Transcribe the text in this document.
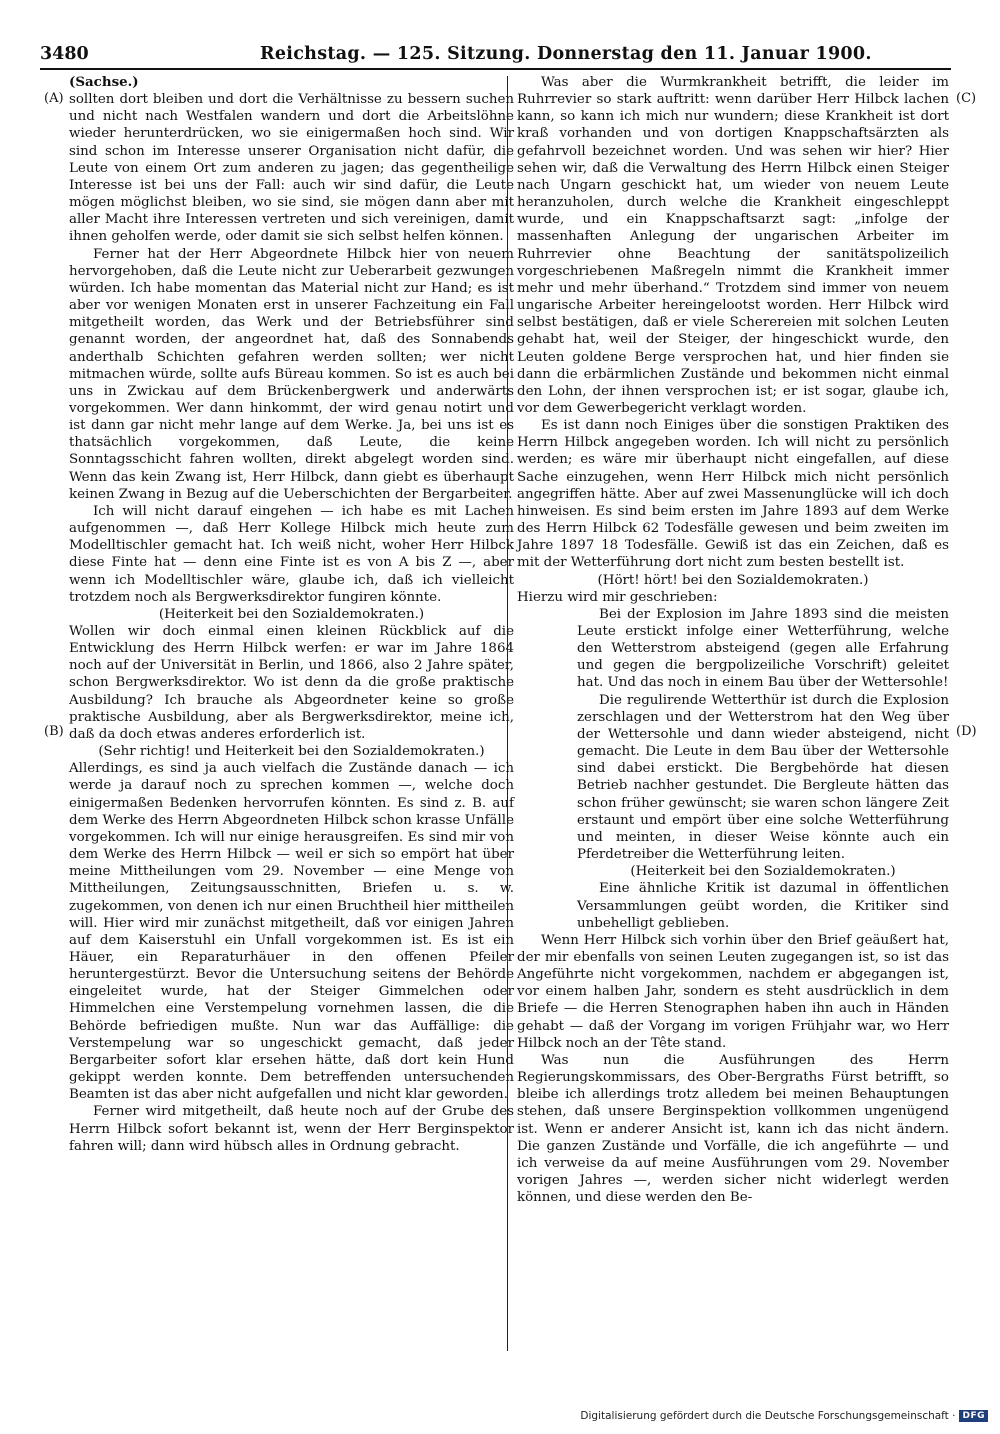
3480	Reichstag. — 125. Sitzung. Donnerstag den 11. Januar 1900.
(A)
(B)
(C)
(D)

(Sachse.)

sollten dort bleiben und dort die Verhältnisse zu bessern suchen und nicht nach Westfalen wandern und dort die Arbeitslöhne wieder herunterdrücken, wo sie einigermaßen hoch sind. Wir sind schon im Interesse unserer Organisation nicht dafür, die Leute von einem Ort zum anderen zu jagen; das gegentheilige Interesse ist bei uns der Fall: auch wir sind dafür, die Leute mögen möglichst bleiben, wo sie sind, sie mögen dann aber mit aller Macht ihre Interessen vertreten und sich vereinigen, damit ihnen geholfen werde, oder damit sie sich selbst helfen können.

Ferner hat der Herr Abgeordnete Hilbck hier von neuem hervorgehoben, daß die Leute nicht zur Ueberarbeit gezwungen würden. Ich habe momentan das Material nicht zur Hand; es ist aber vor wenigen Monaten erst in unserer Fachzeitung ein Fall mitgetheilt worden, das Werk und der Betriebsführer sind genannt worden, der angeordnet hat, daß des Sonnabends anderthalb Schichten gefahren werden sollten; wer nicht mitmachen würde, sollte aufs Büreau kommen. So ist es auch bei uns in Zwickau auf dem Brückenbergwerk und anderwärts vorgekommen. Wer dann hinkommt, der wird genau notirt und ist dann gar nicht mehr lange auf dem Werke. Ja, bei uns ist es thatsächlich vorgekommen, daß Leute, die keine Sonntagsschicht fahren wollten, direkt abgelegt worden sind. Wenn das kein Zwang ist, Herr Hilbck, dann giebt es überhaupt keinen Zwang in Bezug auf die Ueberschichten der Bergarbeiter.

Ich will nicht darauf eingehen — ich habe es mit Lachen aufgenommen —, daß Herr Kollege Hilbck mich heute zum Modelltischler gemacht hat. Ich weiß nicht, woher Herr Hilbck diese Finte hat — denn eine Finte ist es von A bis Z —, aber wenn ich Modelltischler wäre, glaube ich, daß ich vielleicht trotzdem noch als Bergwerksdirektor fungiren könnte.

(Heiterkeit bei den Sozialdemokraten.)

Wollen wir doch einmal einen kleinen Rückblick auf die Entwicklung des Herrn Hilbck werfen: er war im Jahre 1864 noch auf der Universität in Berlin, und 1866, also 2 Jahre später, schon Bergwerksdirektor. Wo ist denn da die große praktische Ausbildung? Ich brauche als Abgeordneter keine so große praktische Ausbildung, aber als Bergwerksdirektor, meine ich, daß da doch etwas anderes erforderlich ist.

(Sehr richtig! und Heiterkeit bei den Sozialdemokraten.)

Allerdings, es sind ja auch vielfach die Zustände danach — ich werde ja darauf noch zu sprechen kommen —, welche doch einigermaßen Bedenken hervorrufen könnten. Es sind z. B. auf dem Werke des Herrn Abgeordneten Hilbck schon krasse Unfälle vorgekommen. Ich will nur einige herausgreifen. Es sind mir von dem Werke des Herrn Hilbck — weil er sich so empört hat über meine Mittheilungen vom 29. November — eine Menge von Mittheilungen, Zeitungsausschnitten, Briefen u. s. w. zugekommen, von denen ich nur einen Bruchtheil hier mittheilen will. Hier wird mir zunächst mitgetheilt, daß vor einigen Jahren auf dem Kaiserstuhl ein Unfall vorgekommen ist. Es ist ein Häuer, ein Reparaturhäuer in den offenen Pfeiler heruntergestürzt. Bevor die Untersuchung seitens der Behörde eingeleitet wurde, hat der Steiger Gimmelchen oder Himmelchen eine Verstempelung vornehmen lassen, die die Behörde befriedigen mußte. Nun war das Auffällige: die Verstempelung war so ungeschickt gemacht, daß jeder Bergarbeiter sofort klar ersehen hätte, daß dort kein Hund gekippt werden konnte. Dem betreffenden untersuchenden Beamten ist das aber nicht aufgefallen und nicht klar geworden.

Ferner wird mitgetheilt, daß heute noch auf der Grube des Herrn Hilbck sofort bekannt ist, wenn der Herr Berginspektor fahren will; dann wird hübsch alles in Ordnung gebracht.

Was aber die Wurmkrankheit betrifft, die leider im Ruhrrevier so stark auftritt: wenn darüber Herr Hilbck lachen kann, so kann ich mich nur wundern; diese Krankheit ist dort kraß vorhanden und von dortigen Knappschaftsärzten als gefahrvoll bezeichnet worden. Und was sehen wir hier? Hier sehen wir, daß die Verwaltung des Herrn Hilbck einen Steiger nach Ungarn geschickt hat, um wieder von neuem Leute heranzuholen, durch welche die Krankheit eingeschleppt wurde, und ein Knappschaftsarzt sagt: „infolge der massenhaften Anlegung der ungarischen Arbeiter im Ruhrrevier ohne Beachtung der sanitätspolizeilich vorgeschriebenen Maßregeln nimmt die Krankheit immer mehr und mehr überhand.“ Trotzdem sind immer von neuem ungarische Arbeiter hereingelootst worden. Herr Hilbck wird selbst bestätigen, daß er viele Scherereien mit solchen Leuten gehabt hat, weil der Steiger, der hingeschickt wurde, den Leuten goldene Berge versprochen hat, und hier finden sie dann die erbärmlichen Zustände und bekommen nicht einmal den Lohn, der ihnen versprochen ist; er ist sogar, glaube ich, vor dem Gewerbegericht verklagt worden.

Es ist dann noch Einiges über die sonstigen Praktiken des Herrn Hilbck angegeben worden. Ich will nicht zu persönlich werden; es wäre mir überhaupt nicht eingefallen, auf diese Sache einzugehen, wenn Herr Hilbck mich nicht persönlich angegriffen hätte. Aber auf zwei Massenunglücke will ich doch hinweisen. Es sind beim ersten im Jahre 1893 auf dem Werke des Herrn Hilbck 62 Todesfälle gewesen und beim zweiten im Jahre 1897 18 Todesfälle. Gewiß ist das ein Zeichen, daß es mit der Wetterführung dort nicht zum besten bestellt ist.

(Hört! hört! bei den Sozialdemokraten.)

Hierzu wird mir geschrieben:

Bei der Explosion im Jahre 1893 sind die meisten Leute erstickt infolge einer Wetterführung, welche den Wetterstrom absteigend (gegen alle Erfahrung und gegen die bergpolizeiliche Vorschrift) geleitet hat. Und das noch in einem Bau über der Wettersohle!

Die regulirende Wetterthür ist durch die Explosion zerschlagen und der Wetterstrom hat den Weg über der Wettersohle und dann wieder absteigend, nicht gemacht. Die Leute in dem Bau über der Wettersohle sind dabei erstickt. Die Bergbehörde hat diesen Betrieb nachher gestundet. Die Bergleute hätten das schon früher gewünscht; sie waren schon längere Zeit erstaunt und empört über eine solche Wetterführung und meinten, in dieser Weise könnte auch ein Pferdetreiber die Wetterführung leiten.

(Heiterkeit bei den Sozialdemokraten.)

Eine ähnliche Kritik ist dazumal in öffentlichen Versammlungen geübt worden, die Kritiker sind unbehelligt geblieben.

Wenn Herr Hilbck sich vorhin über den Brief geäußert hat, der mir ebenfalls von seinen Leuten zugegangen ist, so ist das Angeführte nicht vorgekommen, nachdem er abgegangen ist, vor einem halben Jahr, sondern es steht ausdrücklich in dem Briefe — die Herren Stenographen haben ihn auch in Händen gehabt — daß der Vorgang im vorigen Frühjahr war, wo Herr Hilbck noch an der Tête stand.

Was nun die Ausführungen des Herrn Regierungskommissars, des Ober-Bergraths Fürst betrifft, so bleibe ich allerdings trotz alledem bei meinen Behauptungen stehen, daß unsere Berginspektion vollkommen ungenügend ist. Wenn er anderer Ansicht ist, kann ich das nicht ändern. Die ganzen Zustände und Vorfälle, die ich angeführte — und ich verweise da auf meine Ausführungen vom 29. November vorigen Jahres —, werden sicher nicht widerlegt werden können, und diese werden den Be-

Digitalisierung gefördert durch die Deutsche Forschungsgemeinschaft · DFG
